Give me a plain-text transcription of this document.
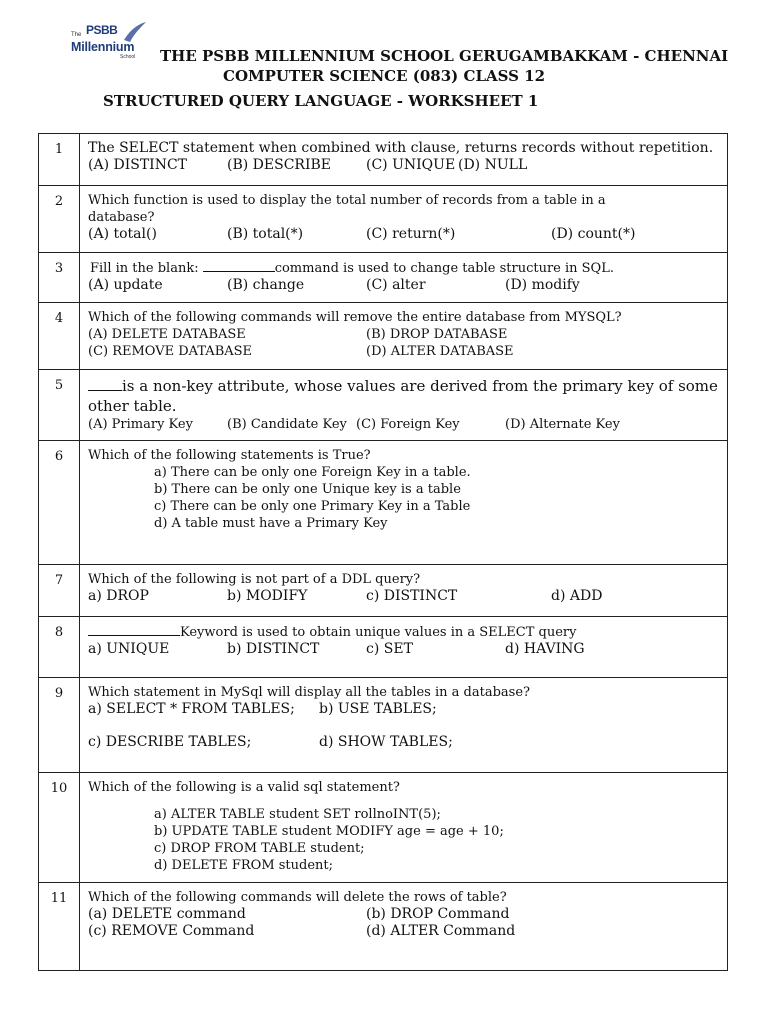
The PSBB
Millennium
School THE PSBB MILLENNIUM SCHOOL GERUGAMBAKKAM - CHENNAI
COMPUTER SCIENCE (083) CLASS 12
STRUCTURED QUERY LANGUAGE - WORKSHEET 1
1	The SELECT statement when combined with clause, returns records without repetition.
(A) DISTINCT (B) DESCRIBE (C) UNIQUE (D) NULL

2	Which function is used to display the total number of records from a table in a database?
(A) total() (B) total(*) (C) return(*) (D) count(*)

3	Fill in the blank: command is used to change table structure in SQL.
(A) update (B) change (C) alter (D) modify

4	Which of the following commands will remove the entire database from MYSQL?
(A) DELETE DATABASE (B) DROP DATABASE
(C) REMOVE DATABASE (D) ALTER DATABASE

5	is a non-key attribute, whose values are derived from the primary key of some other table.
(A) Primary Key (B) Candidate Key (C) Foreign Key (D) Alternate Key

6	Which of the following statements is True?
a) There can be only one Foreign Key in a table.
b) There can be only one Unique key is a table
c) There can be only one Primary Key in a Table
d) A table must have a Primary Key

7	Which of the following is not part of a DDL query?
a) DROP b) MODIFY c) DISTINCT d) ADD

8	Keyword is used to obtain unique values in a SELECT query
a) UNIQUE b) DISTINCT c) SET d) HAVING

9	Which statement in MySql will display all the tables in a database?
a) SELECT * FROM TABLES; b) USE TABLES;
c) DESCRIBE TABLES; d) SHOW TABLES;

10	Which of the following is a valid sql statement?
a) ALTER TABLE student SET rollnoINT(5);
b) UPDATE TABLE student MODIFY age = age + 10;
c) DROP FROM TABLE student;
d) DELETE FROM student;

11	Which of the following commands will delete the rows of table?
(a) DELETE command (b) DROP Command
(c) REMOVE Command (d) ALTER Command
